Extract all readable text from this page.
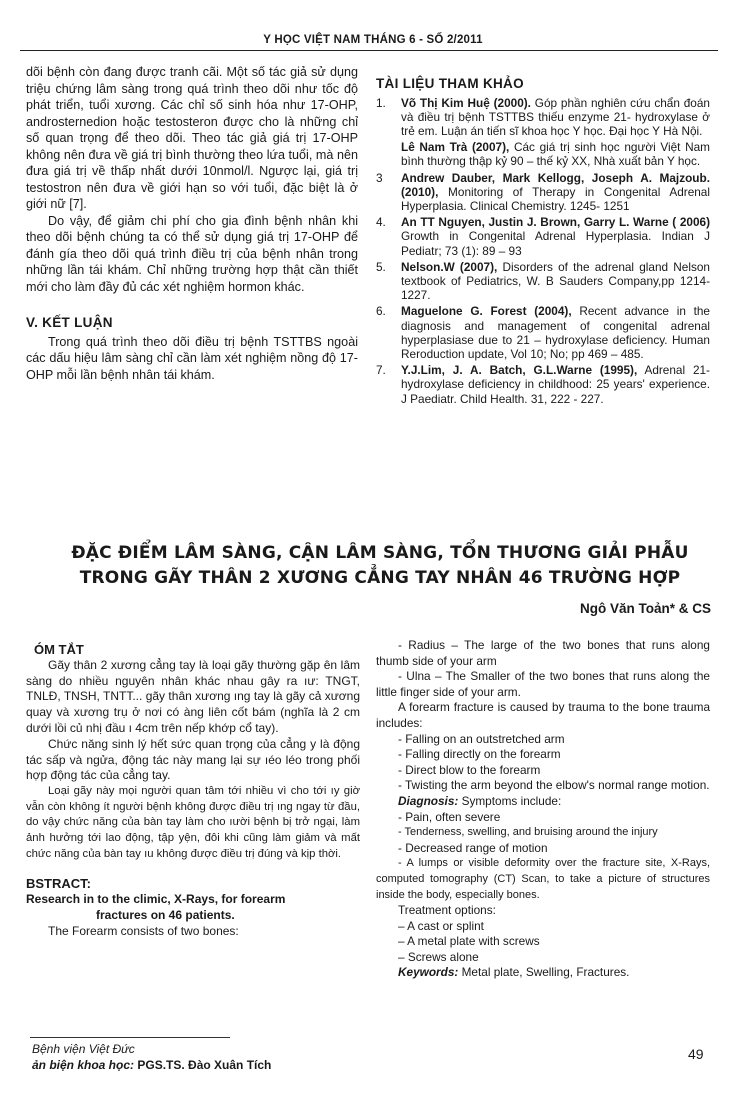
Y HỌC VIỆT NAM THÁNG 6 - SỐ 2/2011

dõi bệnh còn đang được tranh cãi. Một số tác giả sử dụng triệu chứng lâm sàng trong quá trình theo dõi như tốc độ phát triển, tuổi xương. Các chỉ số sinh hóa như 17-OHP, androsternedion hoặc testosteron được cho là những chỉ số quan trọng để theo dõi. Theo tác giả giá trị 17-OHP không nên đưa về giá trị bình thường theo lứa tuổi, mà nên đưa giá trị về thấp nhất dưới 10nmol/l. Ngược lại, giá trị testostron nên đưa về giới hạn so với tuổi, đặc biệt là ở giới nữ [7].

Do vậy, để giảm chi phí cho gia đình bệnh nhân khi theo dõi bệnh chúng ta có thể sử dụng giá trị 17-OHP để đánh gía theo dõi quá trình điều trị của bệnh nhân trong những lần tái khám. Chỉ những trường hợp thật cần thiết mới cho làm đầy đủ các xét nghiệm hormon khác.

V. KẾT LUẬN

Trong quá trình theo dõi điều trị bệnh TSTTBS ngoài các dấu hiệu lâm sàng chỉ cần làm xét nghiệm nồng độ 17-OHP mỗi lần bệnh nhân tái khám.

TÀI LIỆU THAM KHẢO
1. Võ Thị Kim Huệ (2000). Góp phần nghiên cứu chẩn đoán và điều trị bệnh TSTTBS thiếu enzyme 21- hydroxylase ở trẻ em. Luận án tiến sĩ khoa học Y học. Đại học Y Hà Nội.
Lê Nam Trà (2007), Các giá trị sinh học người Việt Nam bình thường thập kỷ 90 – thế kỷ XX, Nhà xuất bản Y học.
3 Andrew Dauber, Mark Kellogg, Joseph A. Majzoub. (2010), Monitoring of Therapy in Congenital Adrenal Hyperplasia. Clinical Chemistry. 1245- 1251
4. An TT Nguyen, Justin J. Brown, Garry L. Warne ( 2006) Growth in Congenital Adrenal Hyperplasia. Indian J Pediatr; 73 (1): 89 – 93
5. Nelson.W (2007), Disorders of the adrenal gland Nelson textbook of Pediatrics, W. B Sauders Company,pp 1214-1227.
6. Maguelone G. Forest (2004), Recent advance in the diagnosis and management of congenital adrenal hyperplasiase due to 21 – hydroxylase deficiency. Human Reroduction update, Vol 10; No; pp 469 – 485.
7. Y.J.Lim, J. A. Batch, G.L.Warne (1995), Adrenal 21-hydroxylase deficiency in childhood: 25 years' experience. J Paediatr. Child Health. 31, 222 - 227.
ĐẶC ĐIỂM LÂM SÀNG, CẬN LÂM SÀNG, TỔN THƯƠNG GIẢI PHẪU
TRONG GÃY THÂN 2 XƯƠNG CẲNG TAY NHÂN 46 TRƯỜNG HỢP
Ngô Văn Toản* & CS
ÓM TẮT

Gãy thân 2 xương cẳng tay là loại gãy thường gặp ên lâm sàng do nhiều nguyên nhân khác nhau gây ra ıư: TNGT, TNLĐ, TNSH, TNTT... gãy thân xương ıng tay là gãy cả xương quay và xương trụ ở nơi có àng liên cốt bám (nghĩa là 2 cm dưới lồi củ nhị đầu ı 4cm trên nếp khớp cổ tay).

Chức năng sinh lý hết sức quan trọng của cẳng y là động tác sấp và ngửa, động tác này mang lại sự ıéo léo trong phối hợp động tác của cẳng tay.

Loại gãy này mọi người quan tâm tới nhiều vì cho tới ıy giờ vẫn còn không ít người bệnh không được điều trị ıng ngay từ đầu, do vậy chức năng của bàn tay làm cho ıười bệnh bị trở ngại, làm ảnh hưởng tới lao động, tập yện, đôi khi cũng làm giảm và mất chức năng của bàn tay ıu không được điều trị đúng và kịp thời.

BSTRACT:
Research in to the climic, X-Rays, for forearm
fractures on 46 patients.

The Forearm consists of two bones:

- Radius – The large of the two bones that runs along thumb side of your arm

- Ulna – The Smaller of the two bones that runs along the little finger side of your arm.

A forearm fracture is caused by trauma to the bone trauma includes:

- Falling on an outstretched arm

- Falling directly on the forearm

- Direct blow to the forearm

- Twisting the arm beyond the elbow's normal range motion.

Diagnosis: Symptoms include:

- Pain, often severe

- Tenderness, swelling, and bruising around the injury

- Decreased range of motion

- A lumps or visible deformity over the fracture site, X-Rays, computed tomography (CT) Scan, to take a picture of structures inside the body, especially bones.

Treatment options:

– A cast or splint

– A metal plate with screws

– Screws alone

Keywords: Metal plate, Swelling, Fractures.

Bệnh viện Việt Đức
ản biện khoa học: PGS.TS. Đào Xuân Tích
49
